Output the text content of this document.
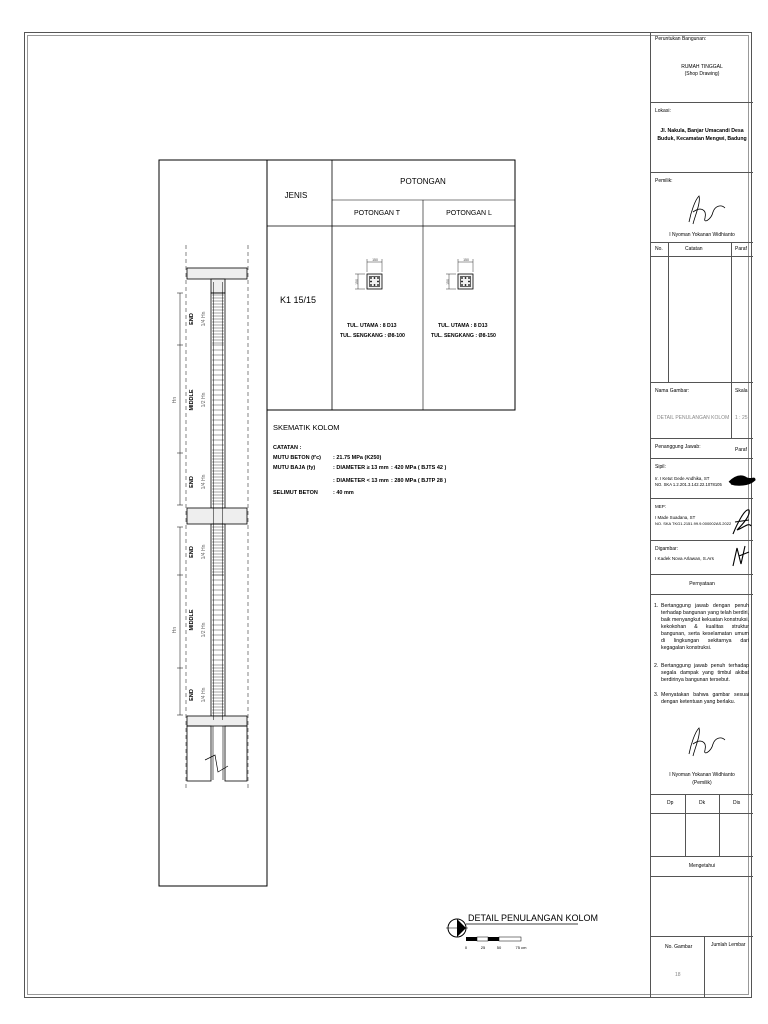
JENIS
POTONGAN
POTONGAN T	POTONGAN L
K1 15/15
150
150
TUL. UTAMA : 8 D13
TUL. SENGKANG : Ø8-100
150
150
TUL. UTAMA : 8 D13
TUL. SENGKANG : Ø8-150
SKEMATIK KOLOM
CATATAN :
MUTU BETON (f'c) : 21.75 MPa (K250)
MUTU BAJA (fy)	: DIAMETER ≥ 13 mm : 420 MPa ( BJTS 42 )
: DIAMETER < 13 mm : 280 MPa ( BJTP 28 )
SELIMUT BETON	: 40 mm
END 1/4 Hn
MIDDLE 1/2 Hn
Hn
END 1/4 Hn
END 1/4 Hn
MIDDLE 1/2 Hn
Hn
END 1/4 Hn
DETAIL PENULANGAN KOLOM
0	25	50	75 cm
Peruntukan Bangunan:
RUMAH TINGGAL
(Shop Drawing)
Lokasi:
Jl. Nakula, Banjar Umacandi Desa
Buduk, Kecamatan Mengwi, Badung
Pemilik:
I Nyoman Yokanan Widhianto
No.	Catatan	Paraf
Nama Gambar:	Skala
DETAIL PENULANGAN KOLOM 1 : 25
Penanggung Jawab:	Paraf
Sipil:
Ir. I Ketut Gede Andhika, ST
NO. SKA 1.2.201.3.142.22.1078105
MEP:
I Made Suadana, ST
NO. SKA TKG1.2151.99.9.000002AS.2022
Digambar:
I Kadek Nova Arlawan, S.Ars
Pernyataan
1. Bertanggung jawab dengan penuh terhadap bangunan yang telah berdiri, baik menyangkut kekuatan konstruksi, kekokohan & kualitas struktur bangunan, serta keselamatan umum di lingkungan sekitarnya dari kegagalan konstruksi.
2. Bertanggung jawab penuh terhadap segala dampak yang timbul akibat berdirinya bangunan tersebut.
3. Menyatakan bahwa gambar sesuai dengan ketentuan yang berlaku.
I Nyoman Yokanan Widhianto
(Pemilik)
Dp	Dk	Dis
Mengetahui
No. Gambar	Jumlah Lembar
18
